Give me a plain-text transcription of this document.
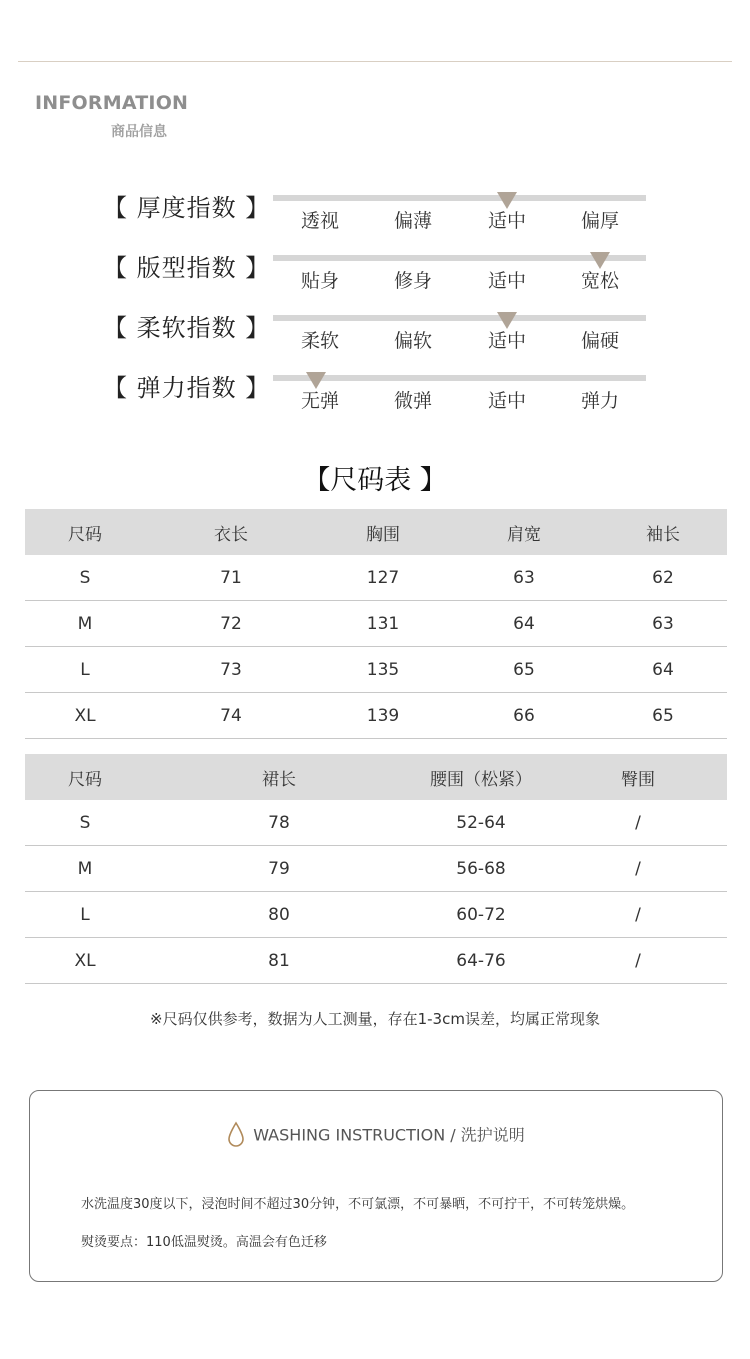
INFORMATION
商品信息
【 厚度指数 】	透视	偏薄	适中	偏厚
【 版型指数 】	贴身	修身	适中	宽松
【 柔软指数 】	柔软	偏软	适中	偏硬
【 弹力指数 】	无弹	微弹	适中	弹力
【尺码表 】
尺码	衣长	胸围	肩宽	袖长
S	71	127	63	62
M	72	131	64	63
L	73	135	65	64
XL	74	139	66	65
尺码	裙长	腰围（松紧）	臀围
S	78	52-64	/
M	79	56-68	/
L	80	60-72	/
XL	81	64-76	/
※尺码仅供参考，数据为人工测量，存在1-3cm误差，均属正常现象
WASHING INSTRUCTION / 洗护说明
水洗温度30度以下，浸泡时间不超过30分钟，不可氯漂，不可暴晒，不可拧干，不可转笼烘燥。
熨烫要点：110低温熨烫。高温会有色迁移
